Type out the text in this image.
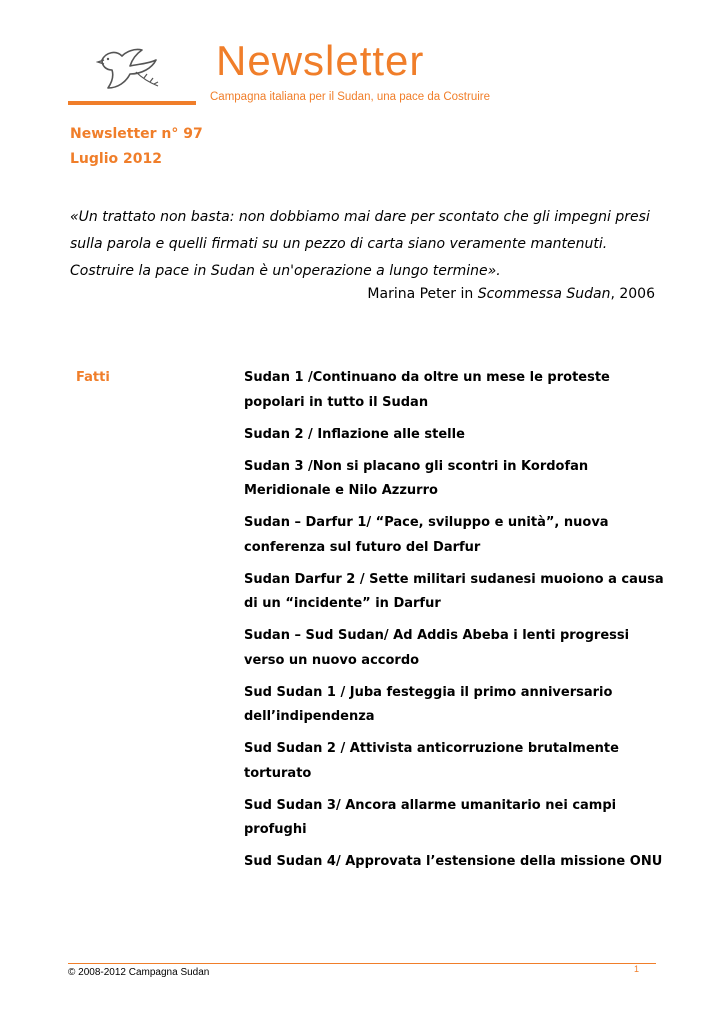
Newsletter
Campagna italiana per il Sudan, una pace da Costruire
Newsletter n° 97
Luglio 2012

«Un trattato non basta: non dobbiamo mai dare per scontato che gli impegni presi sulla parola e quelli firmati su un pezzo di carta siano veramente mantenuti. Costruire la pace in Sudan è un'operazione a lungo termine».

Marina Peter in Scommessa Sudan, 2006
Fatti	Sudan 1 /Continuano da oltre un mese le proteste popolari in tutto il Sudan
Sudan 2 / Inflazione alle stelle
Sudan 3 /Non si placano gli scontri in Kordofan Meridionale e Nilo Azzurro
Sudan – Darfur 1/ “Pace, sviluppo e unità”, nuova conferenza sul futuro del Darfur
Sudan Darfur 2 / Sette militari sudanesi muoiono a causa di un “incidente” in Darfur
Sudan – Sud Sudan/ Ad Addis Abeba i lenti progressi verso un nuovo accordo
Sud Sudan 1 / Juba festeggia il primo anniversario dell’indipendenza
Sud Sudan 2 / Attivista anticorruzione brutalmente torturato
Sud Sudan 3/ Ancora allarme umanitario nei campi profughi
Sud Sudan 4/ Approvata l’estensione della missione ONU
© 2008-2012 Campagna Sudan	1
